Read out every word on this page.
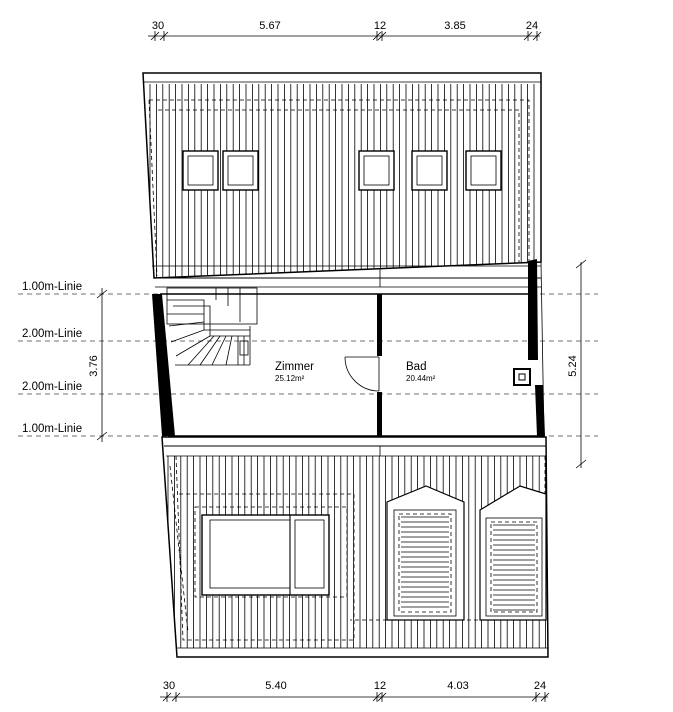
30	5.67	12	3.85	24
30	5.40	12	4.03	24
1.00m-Linie
2.00m-Linie
2.00m-Linie
1.00m-Linie
3.76	5.24
Zimmer
25.12m²
Bad
20.44m²
